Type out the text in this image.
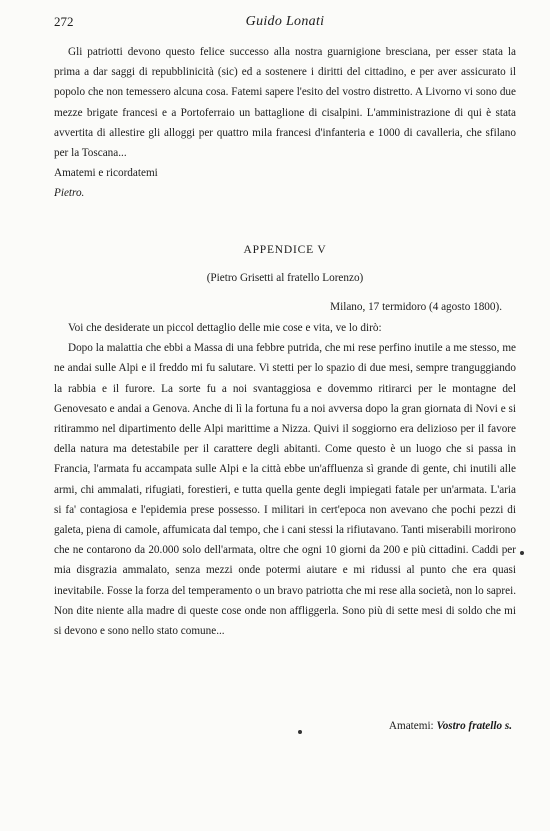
272	Guido Lonati

Gli patriotti devono questo felice successo alla nostra guarnigione bresciana, per esser stata la prima a dar saggi di repubblinicità (sic) ed a sostenere i diritti del cittadino, e per aver assicurato il popolo che non temessero alcuna cosa. Fatemi sapere l'esito del vostro distretto. A Livorno vi sono due mezze brigate francesi e a Portoferraio un battaglione di cisalpini. L'amministrazione di qui è stata avvertita di allestire gli alloggi per quattro mila francesi d'infanteria e 1000 di cavalleria, che sfilano per la Toscana...

Amatemi e ricordatemi

Pietro.

APPENDICE V
(Pietro Grisetti al fratello Lorenzo)
Milano, 17 termidoro (4 agosto 1800).

Voi che desiderate un piccol dettaglio delle mie cose e vita, ve lo dirò:

Dopo la malattia che ebbi a Massa di una febbre putrida, che mi rese perfino inutile a me stesso, me ne andai sulle Alpi e il freddo mi fu salutare. Vi stetti per lo spazio di due mesi, sempre tranguggiando la rabbia e il furore. La sorte fu a noi svantaggiosa e dovemmo ritirarci per le montagne del Genovesato e andai a Genova. Anche di lì la fortuna fu a noi avversa dopo la gran giornata di Novi e si ritirammo nel dipartimento delle Alpi marittime a Nizza. Quivi il soggiorno era delizioso per il favore della natura ma detestabile per il carattere degli abitanti. Come questo è un luogo che si passa in Francia, l'armata fu accampata sulle Alpi e la città ebbe un'affluenza sì grande di gente, chi inutili alle armi, chi ammalati, rifugiati, forestieri, e tutta quella gente degli impiegati fatale per un'armata. L'aria si fa' contagiosa e l'epidemia prese possesso. I militari in cert'epoca non avevano che pochi pezzi di galeta, piena di camole, affumicata dal tempo, che i cani stessi la rifiutavano. Tanti miserabili morirono che ne contarono da 20.000 solo dell'armata, oltre che ogni 10 giorni da 200 e più cittadini. Caddi per mia disgrazia ammalato, senza mezzi onde potermi aiutare e mi ridussi al punto che era quasi inevitabile. Fosse la forza del temperamento o un bravo patriotta che mi rese alla società, non lo saprei. Non dite niente alla madre di queste cose onde non affliggerla. Sono più di sette mesi di soldo che mi si devono e sono nello stato comune...

Amatemi: Vostro fratello s.
